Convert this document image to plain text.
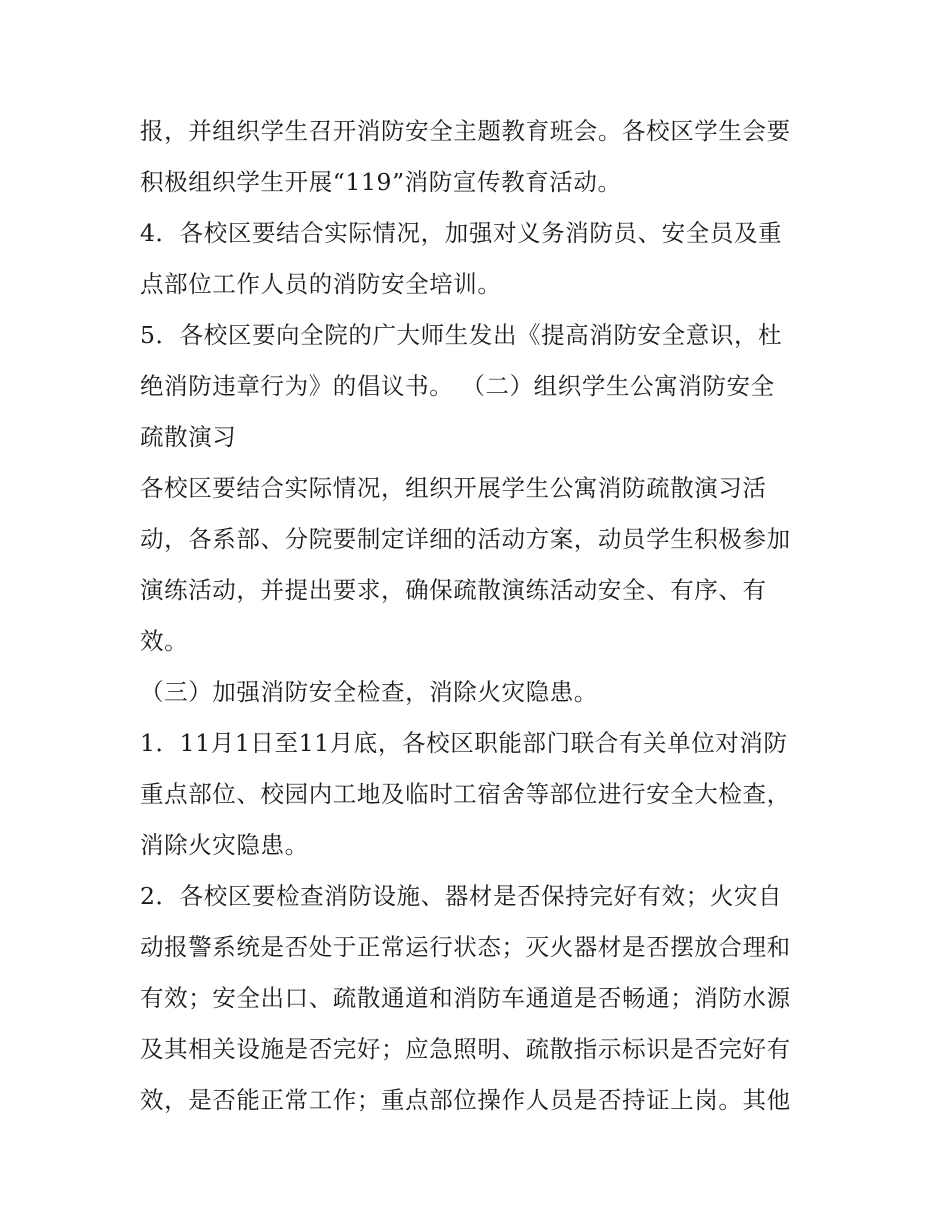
报，并组织学生召开消防安全主题教育班会。各校区学生会要
积极组织学生开展“119”消防宣传教育活动。
4．各校区要结合实际情况，加强对义务消防员、安全员及重
点部位工作人员的消防安全培训。
5．各校区要向全院的广大师生发出《提高消防安全意识，杜
绝消防违章行为》的倡议书。 （二）组织学生公寓消防安全
疏散演习
各校区要结合实际情况，组织开展学生公寓消防疏散演习活
动，各系部、分院要制定详细的活动方案，动员学生积极参加
演练活动，并提出要求，确保疏散演练活动安全、有序、有
效。
（三）加强消防安全检查，消除火灾隐患。
1．11月1日至11月底，各校区职能部门联合有关单位对消防
重点部位、校园内工地及临时工宿舍等部位进行安全大检查，
消除火灾隐患。
2．各校区要检查消防设施、器材是否保持完好有效；火灾自
动报警系统是否处于正常运行状态；灭火器材是否摆放合理和
有效；安全出口、疏散通道和消防车通道是否畅通；消防水源
及其相关设施是否完好；应急照明、疏散指示标识是否完好有
效，是否能正常工作；重点部位操作人员是否持证上岗。其他
